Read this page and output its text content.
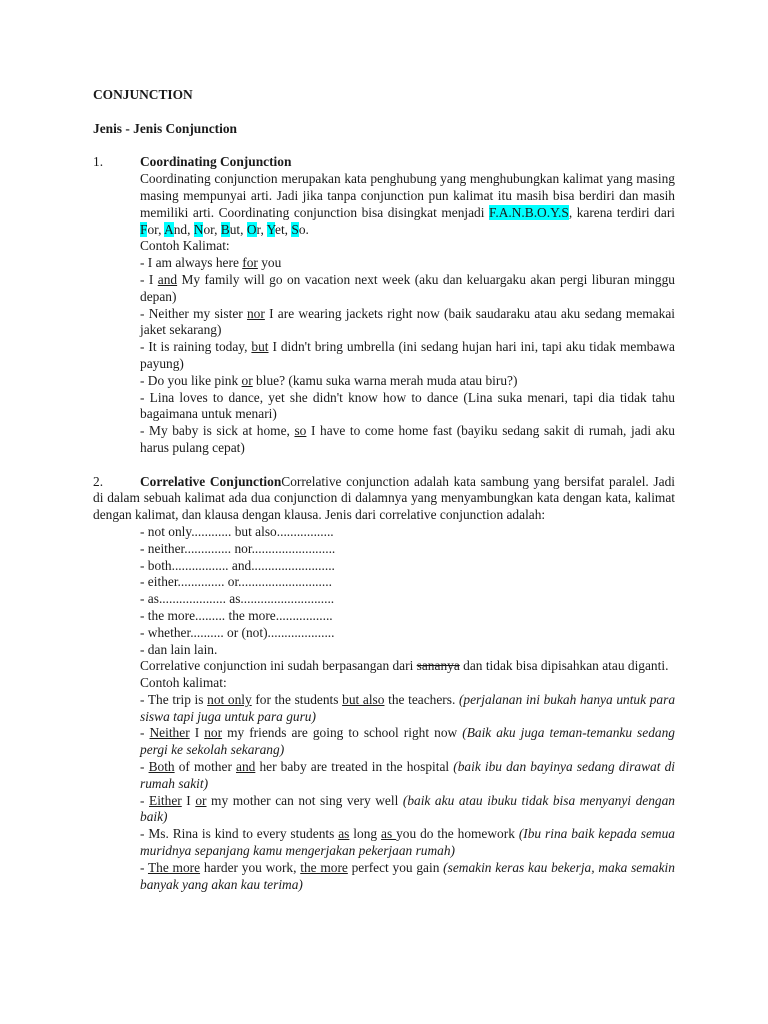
CONJUNCTION

Jenis - Jenis Conjunction

1.	Coordinating Conjunction

Coordinating conjunction merupakan kata penghubung yang menghubungkan kalimat yang masing masing mempunyai arti. Jadi jika tanpa conjunction pun kalimat itu masih bisa berdiri dan masih memiliki arti. Coordinating conjunction bisa disingkat menjadi F.A.N.B.O.Y.S, karena terdiri dari For, And, Nor, But, Or, Yet, So.

Contoh Kalimat:

- I am always here for you

- I and My family will go on vacation next week (aku dan keluargaku akan pergi liburan minggu depan)

- Neither my sister nor I are wearing jackets right now (baik saudaraku atau aku sedang memakai jaket sekarang)

- It is raining today, but I didn't bring umbrella (ini sedang hujan hari ini, tapi aku tidak membawa payung)

- Do you like pink or blue? (kamu suka warna merah muda atau biru?)

- Lina loves to dance, yet she didn't know how to dance (Lina suka menari, tapi dia tidak tahu bagaimana untuk menari)

- My baby is sick at home, so I have to come home fast (bayiku sedang sakit di rumah, jadi aku harus pulang cepat)

2.	Correlative ConjunctionCorrelative conjunction adalah kata sambung yang bersifat paralel. Jadi di dalam sebuah kalimat ada dua conjunction di dalamnya yang menyambungkan kata dengan kata, kalimat dengan kalimat, dan klausa dengan klausa. Jenis dari correlative conjunction adalah:

- not only............ but also.................

- neither.............. nor.........................

- both................. and.........................

- either.............. or............................

- as.................... as............................

- the more......... the more.................

- whether.......... or (not)....................

- dan lain lain.

Correlative conjunction ini sudah berpasangan dari sananya dan tidak bisa dipisahkan atau diganti.

Contoh kalimat:

- The trip is not only for the students but also the teachers. (perjalanan ini bukah hanya untuk para siswa tapi juga untuk para guru)

- Neither I nor my friends are going to school right now (Baik aku juga teman-temanku sedang pergi ke sekolah sekarang)

- Both of mother and her baby are treated in the hospital (baik ibu dan bayinya sedang dirawat di rumah sakit)

- Either I or my mother can not sing very well (baik aku atau ibuku tidak bisa menyanyi dengan baik)

- Ms. Rina is kind to every students as long as you do the homework (Ibu rina baik kepada semua muridnya sepanjang kamu mengerjakan pekerjaan rumah)

- The more harder you work, the more perfect you gain (semakin keras kau bekerja, maka semakin banyak yang akan kau terima)
